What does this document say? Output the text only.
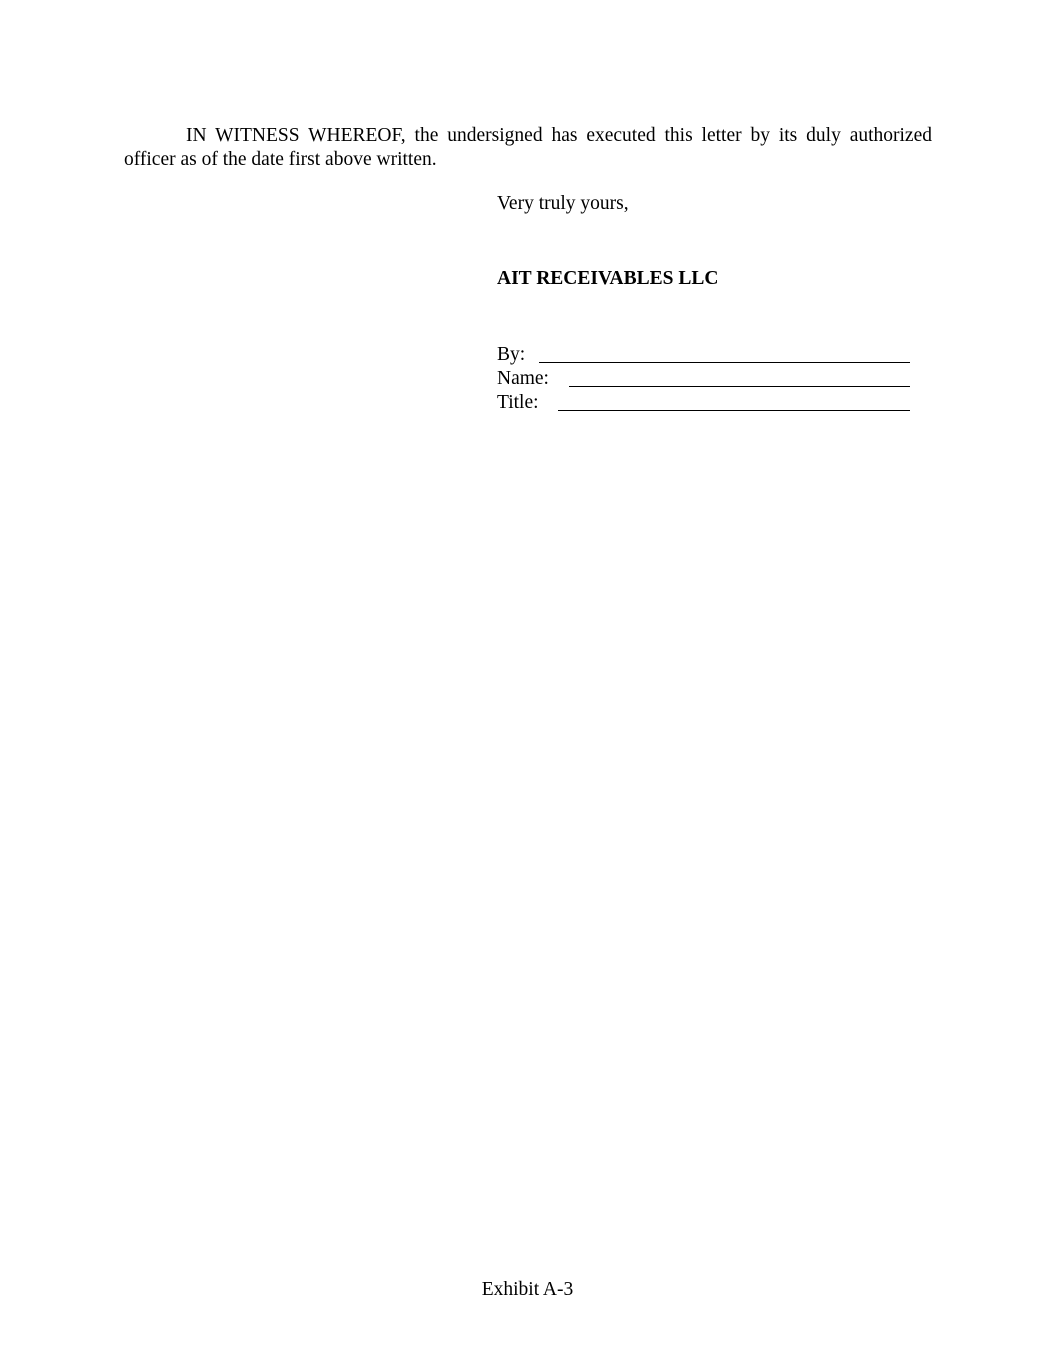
IN WITNESS WHEREOF, the undersigned has executed this letter by its duly authorized
officer as of the date first above written.

Very truly yours,

AIT RECEIVABLES LLC

By:
Name:
Title:

Exhibit A-3
